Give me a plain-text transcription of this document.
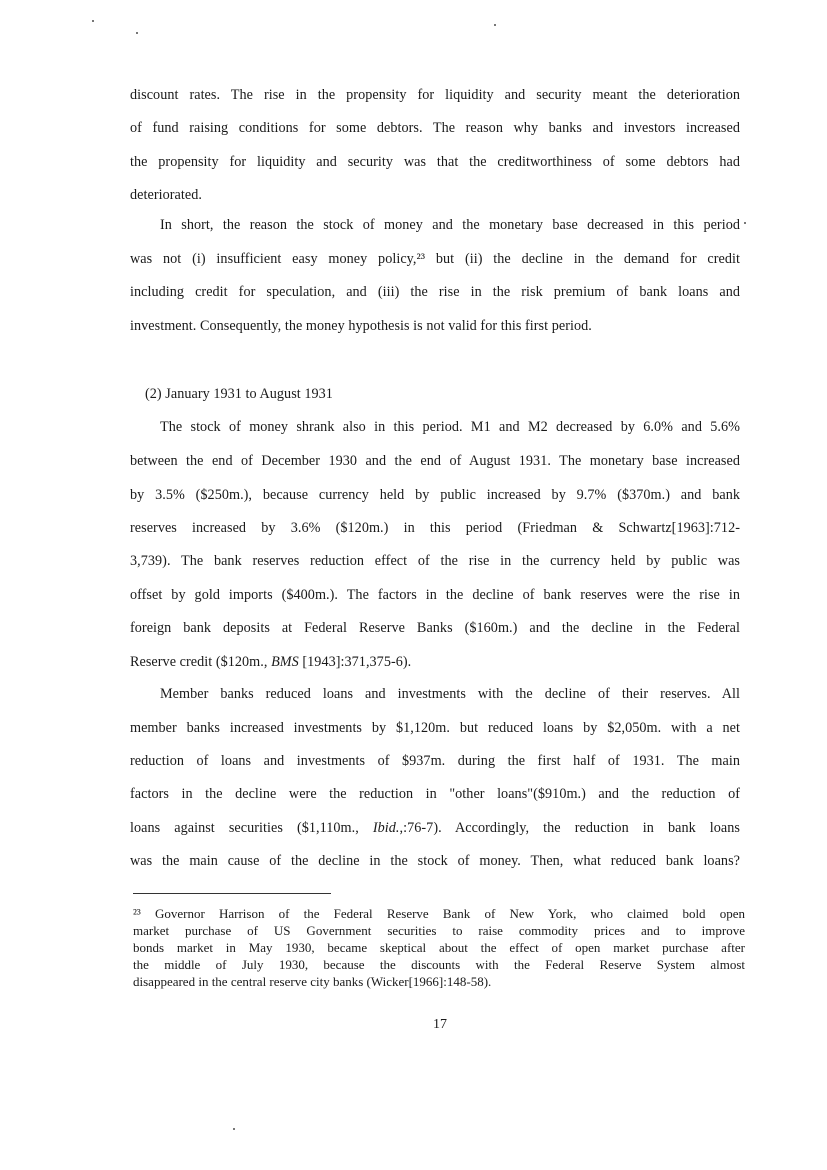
discount rates. The rise in the propensity for liquidity and security meant the deterioration
of fund raising conditions for some debtors. The reason why banks and investors increased
the propensity for liquidity and security was that the creditworthiness of some debtors had
deteriorated.
In short, the reason the stock of money and the monetary base decreased in this period
was not (i) insufficient easy money policy,²³ but (ii) the decline in the demand for credit
including credit for speculation, and (iii) the rise in the risk premium of bank loans and
investment. Consequently, the money hypothesis is not valid for this first period.
(2) January 1931 to August 1931
The stock of money shrank also in this period. M1 and M2 decreased by 6.0% and 5.6%
between the end of December 1930 and the end of August 1931. The monetary base increased
by 3.5% ($250m.), because currency held by public increased by 9.7% ($370m.) and bank
reserves increased by 3.6% ($120m.) in this period (Friedman & Schwartz[1963]:712-
3,739). The bank reserves reduction effect of the rise in the currency held by public was
offset by gold imports ($400m.). The factors in the decline of bank reserves were the rise in
foreign bank deposits at Federal Reserve Banks ($160m.) and the decline in the Federal
Reserve credit ($120m., BMS [1943]:371,375-6).
Member banks reduced loans and investments with the decline of their reserves. All
member banks increased investments by $1,120m. but reduced loans by $2,050m. with a net
reduction of loans and investments of $937m. during the first half of 1931. The main
factors in the decline were the reduction in "other loans"($910m.) and the reduction of
loans against securities ($1,110m., Ibid.,:76-7). Accordingly, the reduction in bank loans
was the main cause of the decline in the stock of money. Then, what reduced bank loans?
²³ Governor Harrison of the Federal Reserve Bank of New York, who claimed bold open
market purchase of US Government securities to raise commodity prices and to improve
bonds market in May 1930, became skeptical about the effect of open market purchase after
the middle of July 1930, because the discounts with the Federal Reserve System almost
disappeared in the central reserve city banks (Wicker[1966]:148-58).
17
